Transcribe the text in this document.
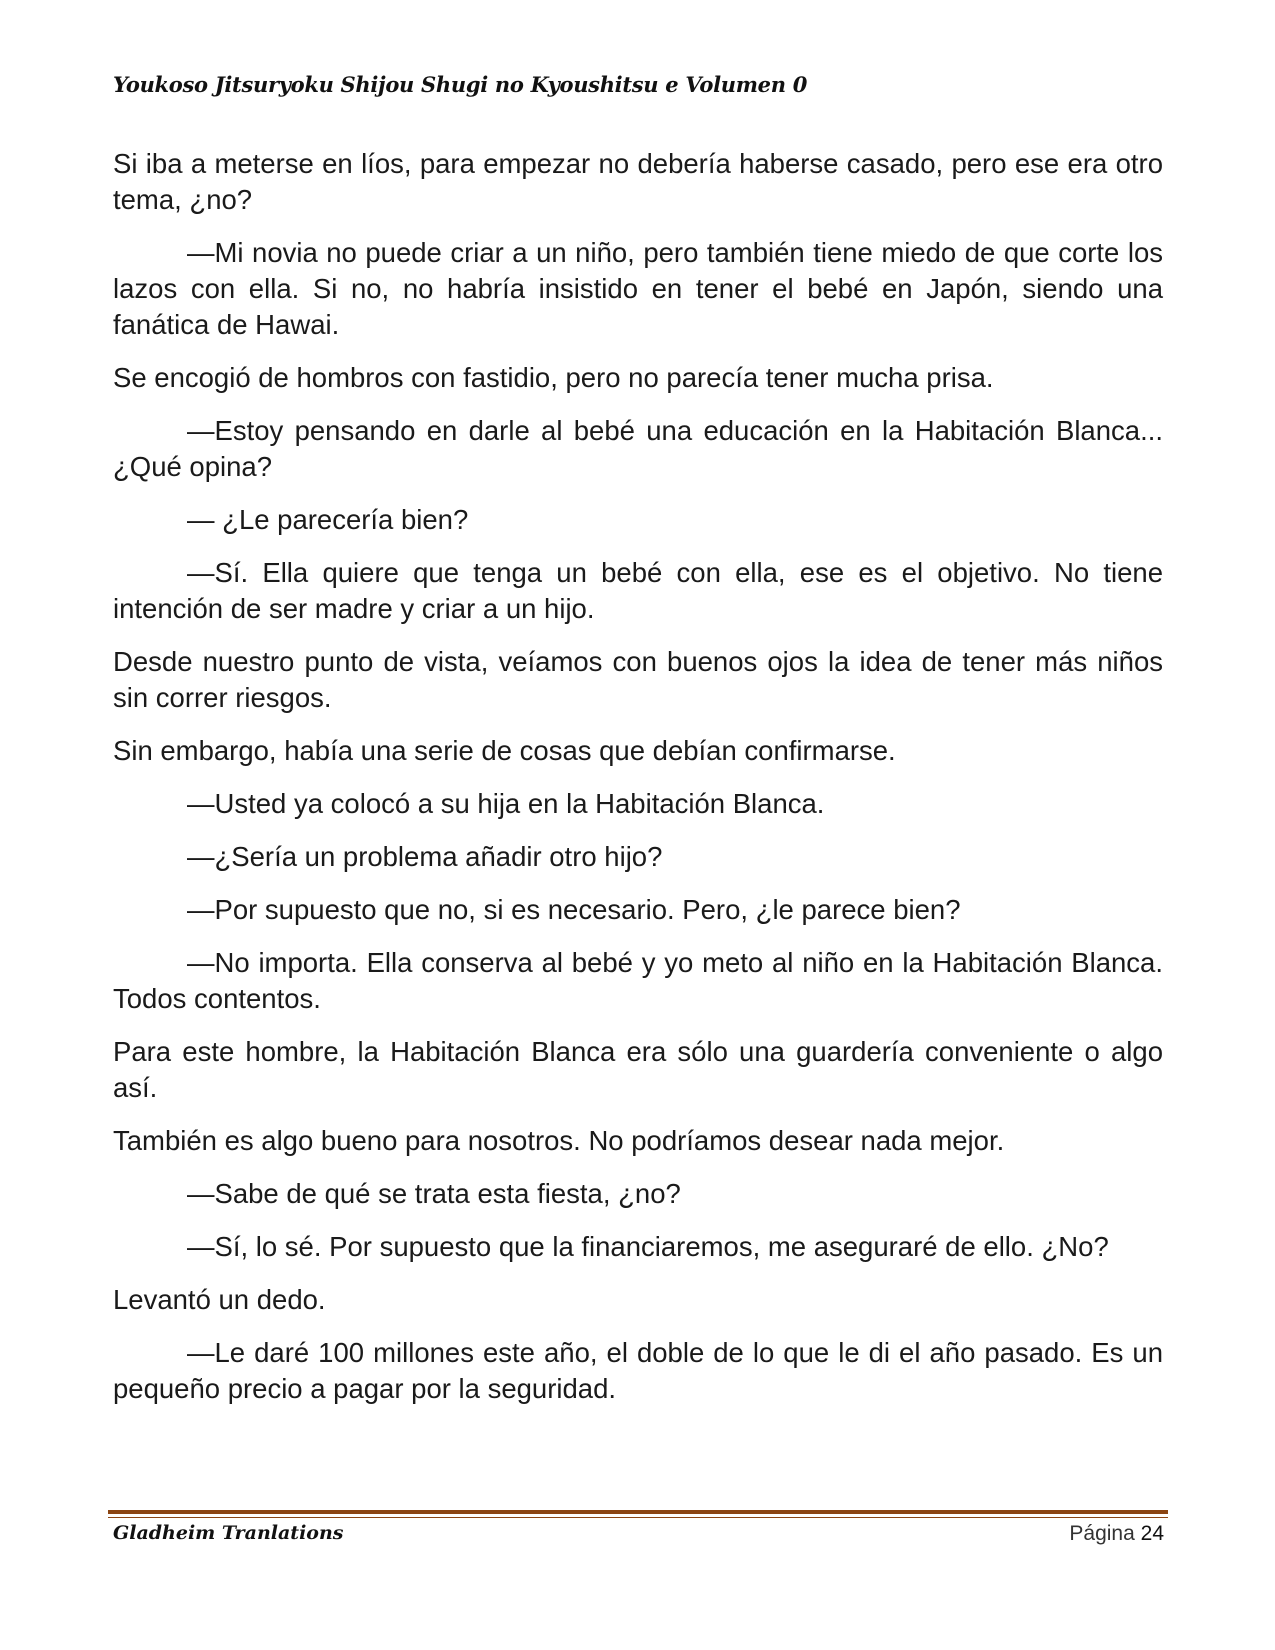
Youkoso Jitsuryoku Shijou Shugi no Kyoushitsu e Volumen 0

Si iba a meterse en líos, para empezar no debería haberse casado, pero ese era otro tema, ¿no?

—Mi novia no puede criar a un niño, pero también tiene miedo de que corte los lazos con ella. Si no, no habría insistido en tener el bebé en Japón, siendo una fanática de Hawai.

Se encogió de hombros con fastidio, pero no parecía tener mucha prisa.

—Estoy pensando en darle al bebé una educación en la Habitación Blanca... ¿Qué opina?

— ¿Le parecería bien?

—Sí. Ella quiere que tenga un bebé con ella, ese es el objetivo. No tiene intención de ser madre y criar a un hijo.

Desde nuestro punto de vista, veíamos con buenos ojos la idea de tener más niños sin correr riesgos.

Sin embargo, había una serie de cosas que debían confirmarse.

—Usted ya colocó a su hija en la Habitación Blanca.

—¿Sería un problema añadir otro hijo?

—Por supuesto que no, si es necesario. Pero, ¿le parece bien?

—No importa. Ella conserva al bebé y yo meto al niño en la Habitación Blanca. Todos contentos.

Para este hombre, la Habitación Blanca era sólo una guardería conveniente o algo así.

También es algo bueno para nosotros. No podríamos desear nada mejor.

—Sabe de qué se trata esta fiesta, ¿no?

—Sí, lo sé. Por supuesto que la financiaremos, me aseguraré de ello. ¿No?

Levantó un dedo.

—Le daré 100 millones este año, el doble de lo que le di el año pasado. Es un pequeño precio a pagar por la seguridad.

Gladheim Tranlations	Página 24
